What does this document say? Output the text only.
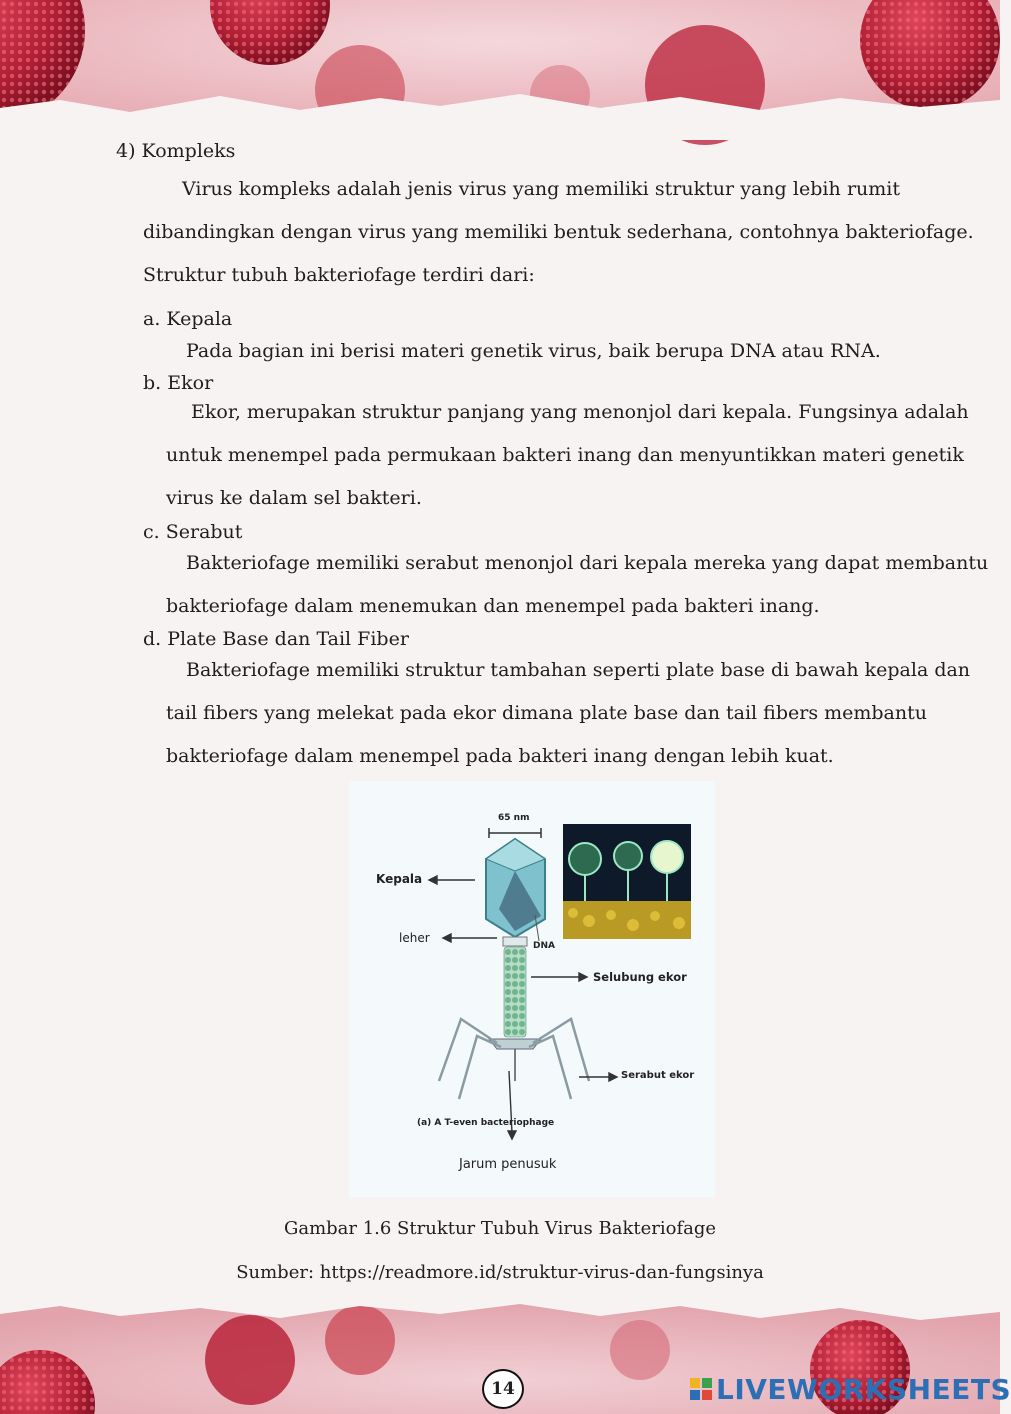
4) Kompleks
Virus kompleks adalah jenis virus yang memiliki struktur yang lebih rumit
dibandingkan dengan virus yang memiliki bentuk sederhana, contohnya bakteriofage.
Struktur tubuh bakteriofage terdiri dari:
a. Kepala
Pada bagian ini berisi materi genetik virus, baik berupa DNA atau RNA.
b. Ekor
Ekor, merupakan struktur panjang yang menonjol dari kepala. Fungsinya adalah
untuk menempel pada permukaan bakteri inang dan menyuntikkan materi genetik
virus ke dalam sel bakteri.
c. Serabut
Bakteriofage memiliki serabut menonjol dari kepala mereka yang dapat membantu
bakteriofage dalam menemukan dan menempel pada bakteri inang.
d. Plate Base dan Tail Fiber
Bakteriofage memiliki struktur tambahan seperti plate base di bawah kepala dan
tail fibers yang melekat pada ekor dimana plate base dan tail fibers membantu
bakteriofage dalam menempel pada bakteri inang dengan lebih kuat.
65 nm
Kepala
leher
DNA
Selubung ekor
Serabut ekor
(a) A T-even bacteriophage
Jarum penusuk
Gambar 1.6 Struktur Tubuh Virus Bakteriofage
Sumber: https://readmore.id/struktur-virus-dan-fungsinya
14	LIVEWORKSHEETS
